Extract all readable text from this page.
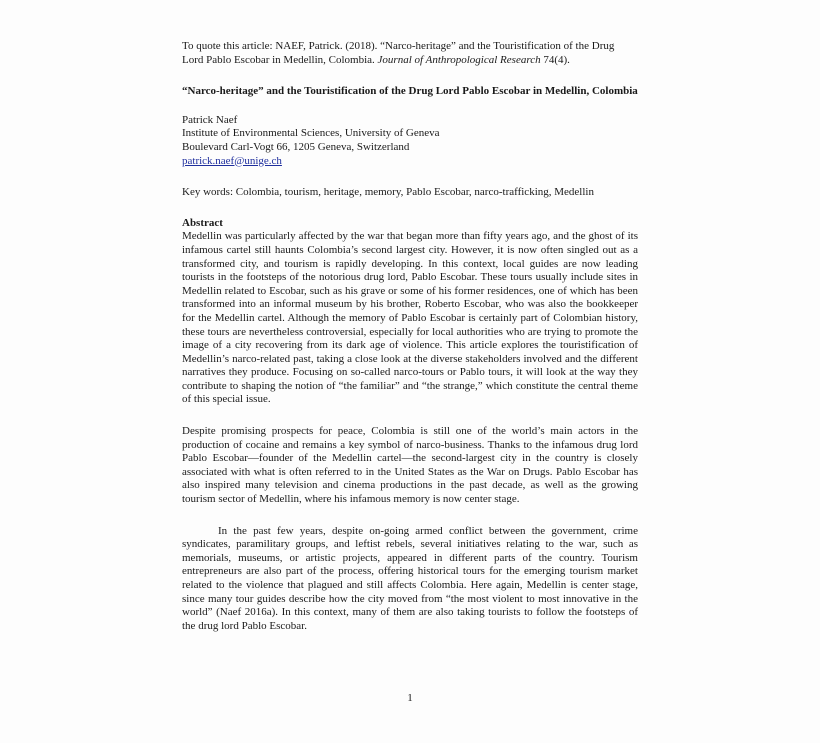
To quote this article: NAEF, Patrick. (2018). “Narco-heritage” and the Touristification of the Drug Lord Pablo Escobar in Medellin, Colombia. Journal of Anthropological Research 74(4).

“Narco-heritage” and the Touristification of the Drug Lord Pablo Escobar in Medellin, Colombia
Patrick Naef
Institute of Environmental Sciences, University of Geneva
Boulevard Carl-Vogt 66, 1205 Geneva, Switzerland
patrick.naef@unige.ch
Key words: Colombia, tourism, heritage, memory, Pablo Escobar, narco-trafficking, Medellin
Abstract

Medellin was particularly affected by the war that began more than fifty years ago, and the ghost of its infamous cartel still haunts Colombia’s second largest city. However, it is now often singled out as a transformed city, and tourism is rapidly developing. In this context, local guides are now leading tourists in the footsteps of the notorious drug lord, Pablo Escobar. These tours usually include sites in Medellin related to Escobar, such as his grave or some of his former residences, one of which has been transformed into an informal museum by his brother, Roberto Escobar, who was also the bookkeeper for the Medellin cartel. Although the memory of Pablo Escobar is certainly part of Colombian history, these tours are nevertheless controversial, especially for local authorities who are trying to promote the image of a city recovering from its dark age of violence. This article explores the touristification of Medellin’s narco-related past, taking a close look at the diverse stakeholders involved and the different narratives they produce. Focusing on so-called narco-tours or Pablo tours, it will look at the way they contribute to shaping the notion of “the familiar” and “the strange,” which constitute the central theme of this special issue.

Despite promising prospects for peace, Colombia is still one of the world’s main actors in the production of cocaine and remains a key symbol of narco-business. Thanks to the infamous drug lord Pablo Escobar—founder of the Medellin cartel—the second-largest city in the country is closely associated with what is often referred to in the United States as the War on Drugs. Pablo Escobar has also inspired many television and cinema productions in the past decade, as well as the growing tourism sector of Medellin, where his infamous memory is now center stage.

In the past few years, despite on-going armed conflict between the government, crime syndicates, paramilitary groups, and leftist rebels, several initiatives relating to the war, such as memorials, museums, or artistic projects, appeared in different parts of the country. Tourism entrepreneurs are also part of the process, offering historical tours for the emerging tourism market related to the violence that plagued and still affects Colombia. Here again, Medellin is center stage, since many tour guides describe how the city moved from “the most violent to most innovative in the world” (Naef 2016a). In this context, many of them are also taking tourists to follow the footsteps of the drug lord Pablo Escobar.

1
